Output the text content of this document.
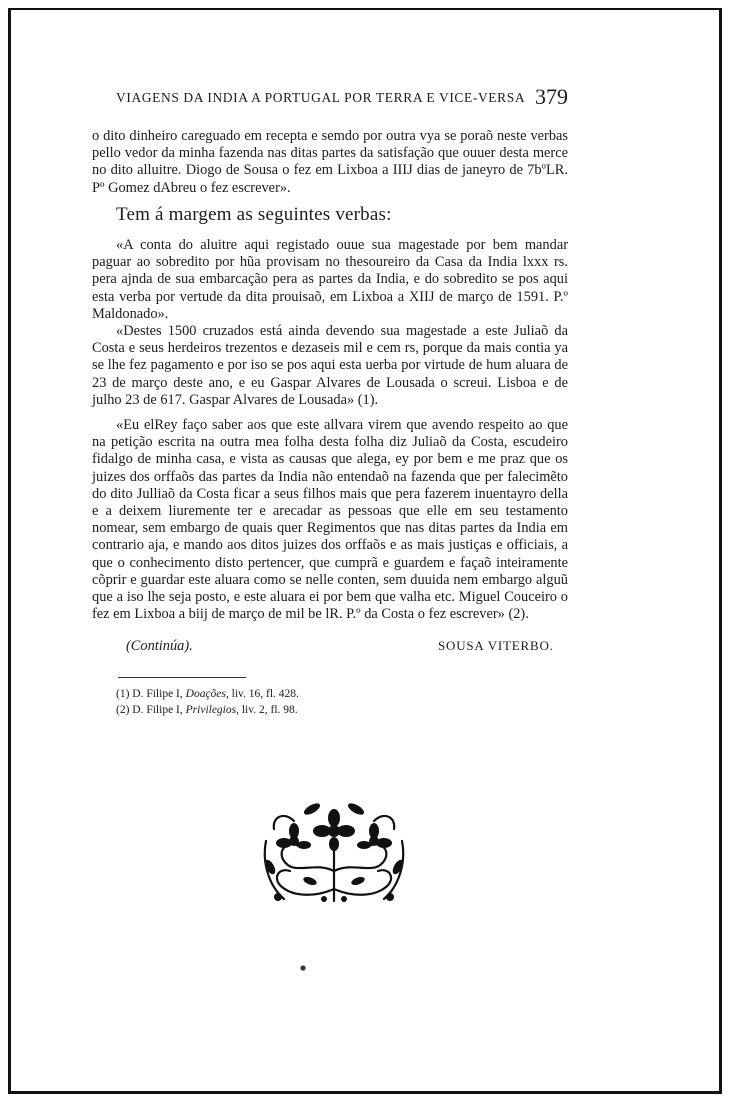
VIAGENS DA INDIA A PORTUGAL POR TERRA E VICE-VERSA 379

o dito dinheiro careguado em recepta e semdo por outra vya se poraõ neste verbas pello vedor da minha fazenda nas ditas partes da satisfação que ouuer desta merce no dito alluitre. Diogo de Sousa o fez em Lixboa a IIIJ dias de janeyro de 7bºLR. Pº Gomez dAbreu o fez escrever».

Tem á margem as seguintes verbas:

«A conta do aluitre aqui registado ouue sua magestade por bem mandar paguar ao sobredito por hũa provisam no thesoureiro da Casa da India lxxx rs. pera ajnda de sua embarcação pera as partes da India, e do sobredito se pos aqui esta verba por vertude da dita prouisaõ, em Lixboa a XIIJ de março de 1591. P.º Maldonado».

«Destes 1500 cruzados está ainda devendo sua magestade a este Juliaõ da Costa e seus herdeiros trezentos e dezaseis mil e cem rs, porque da mais contia ya se lhe fez pagamento e por iso se pos aqui esta uerba por virtude de hum aluara de 23 de março deste ano, e eu Gaspar Alvares de Lousada o screui. Lisboa e de julho 23 de 617. Gaspar Alvares de Lousada» (1).

«Eu elRey faço saber aos que este allvara virem que avendo respeito ao que na petição escrita na outra mea folha desta folha diz Juliaõ da Costa, escudeiro fidalgo de minha casa, e vista as causas que alega, ey por bem e me praz que os juizes dos orffaõs das partes da India não entendaõ na fazenda que per falecimẽto do dito Julliaõ da Costa ficar a seus filhos mais que pera fazerem inuentayro della e a deixem liuremente ter e arecadar as pessoas que elle em seu testamento nomear, sem embargo de quais quer Regimentos que nas ditas partes da India em contrario aja, e mando aos ditos juizes dos orffaõs e as mais justiças e officiais, a que o conhecimento disto pertencer, que cumprã e guardem e façaõ inteiramente cõprir e guardar este aluara como se nelle conten, sem duuida nem embargo alguũ que a iso lhe seja posto, e este aluara ei por bem que valha etc. Miguel Couceiro o fez em Lixboa a biij de março de mil be lR. P.º da Costa o fez escrever» (2).

(Continúa).	SOUSA VITERBO.
(1) D. Filipe I, Doações, liv. 16, fl. 428.
(2) D. Filipe I, Privilegios, liv. 2, fl. 98.
